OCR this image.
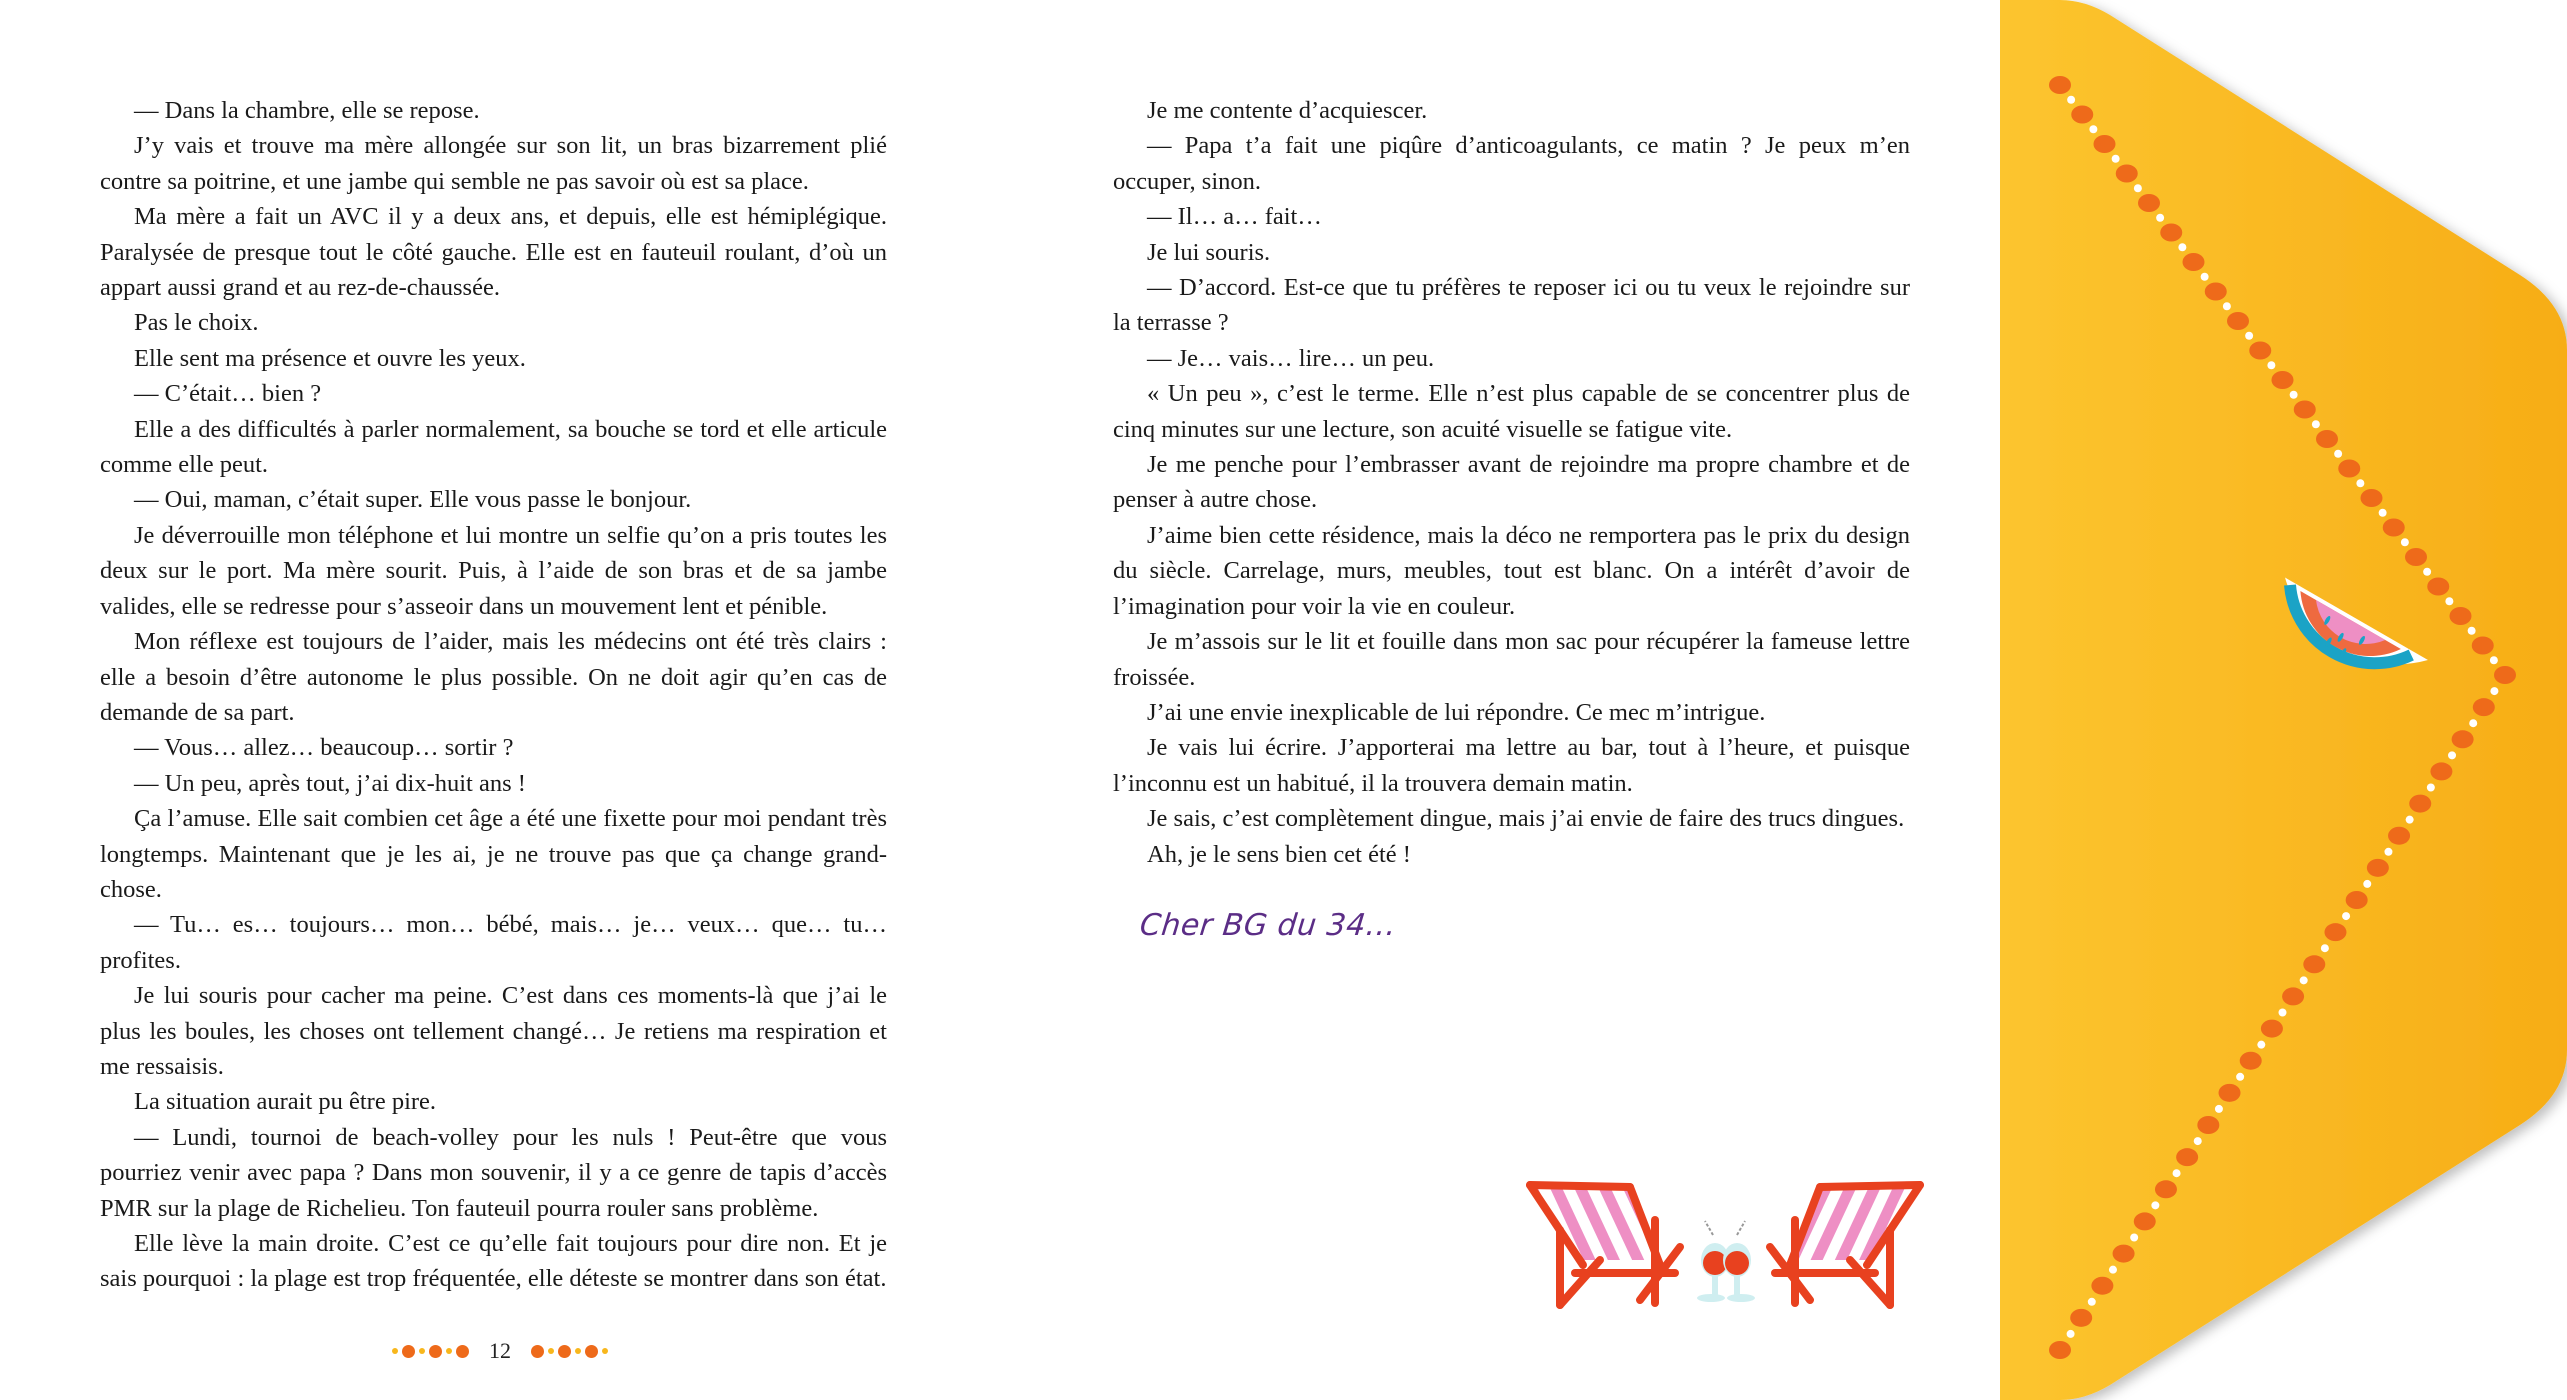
— Dans la chambre, elle se repose.

J’y vais et trouve ma mère allongée sur son lit, un bras bizarrement plié contre sa poitrine, et une jambe qui semble ne pas savoir où est sa place.

Ma mère a fait un AVC il y a deux ans, et depuis, elle est hémiplégique. Paralysée de presque tout le côté gauche. Elle est en fauteuil roulant, d’où un appart aussi grand et au rez-de-chaussée.

Pas le choix.

Elle sent ma présence et ouvre les yeux.

— C’était… bien ?

Elle a des difficultés à parler normalement, sa bouche se tord et elle articule comme elle peut.

— Oui, maman, c’était super. Elle vous passe le bonjour.

Je déverrouille mon téléphone et lui montre un selfie qu’on a pris toutes les deux sur le port. Ma mère sourit. Puis, à l’aide de son bras et de sa jambe valides, elle se redresse pour s’asseoir dans un mouvement lent et pénible.

Mon réflexe est toujours de l’aider, mais les médecins ont été très clairs : elle a besoin d’être autonome le plus possible. On ne doit agir qu’en cas de demande de sa part.

— Vous… allez… beaucoup… sortir ?

— Un peu, après tout, j’ai dix-huit ans !

Ça l’amuse. Elle sait combien cet âge a été une fixette pour moi pendant très longtemps. Maintenant que je les ai, je ne trouve pas que ça change grand-chose.

— Tu… es… toujours… mon… bébé, mais… je… veux… que… tu… profites.

Je lui souris pour cacher ma peine. C’est dans ces moments-là que j’ai le plus les boules, les choses ont tellement changé… Je retiens ma respiration et me ressaisis.

La situation aurait pu être pire.

— Lundi, tournoi de beach-volley pour les nuls ! Peut-être que vous pourriez venir avec papa ? Dans mon souvenir, il y a ce genre de tapis d’accès PMR sur la plage de Richelieu. Ton fauteuil pourra rouler sans problème.

Elle lève la main droite. C’est ce qu’elle fait toujours pour dire non. Et je sais pourquoi : la plage est trop fréquentée, elle déteste se montrer dans son état.

Je me contente d’acquiescer.

— Papa t’a fait une piqûre d’anticoagulants, ce matin ? Je peux m’en occuper, sinon.

— Il… a… fait…

Je lui souris.

— D’accord. Est-ce que tu préfères te reposer ici ou tu veux le rejoindre sur la terrasse ?

— Je… vais… lire… un peu.

« Un peu », c’est le terme. Elle n’est plus capable de se concentrer plus de cinq minutes sur une lecture, son acuité visuelle se fatigue vite.

Je me penche pour l’embrasser avant de rejoindre ma propre chambre et de penser à autre chose.

J’aime bien cette résidence, mais la déco ne remportera pas le prix du design du siècle. Carrelage, murs, meubles, tout est blanc. On a intérêt d’avoir de l’imagination pour voir la vie en couleur.

Je m’assois sur le lit et fouille dans mon sac pour récupérer la fameuse lettre froissée.

J’ai une envie inexplicable de lui répondre. Ce mec m’intrigue.

Je vais lui écrire. J’apporterai ma lettre au bar, tout à l’heure, et puisque l’inconnu est un habitué, il la trouvera demain matin.

Je sais, c’est complètement dingue, mais j’ai envie de faire des trucs dingues.

Ah, je le sens bien cet été !

12
Cher BG du 34…
